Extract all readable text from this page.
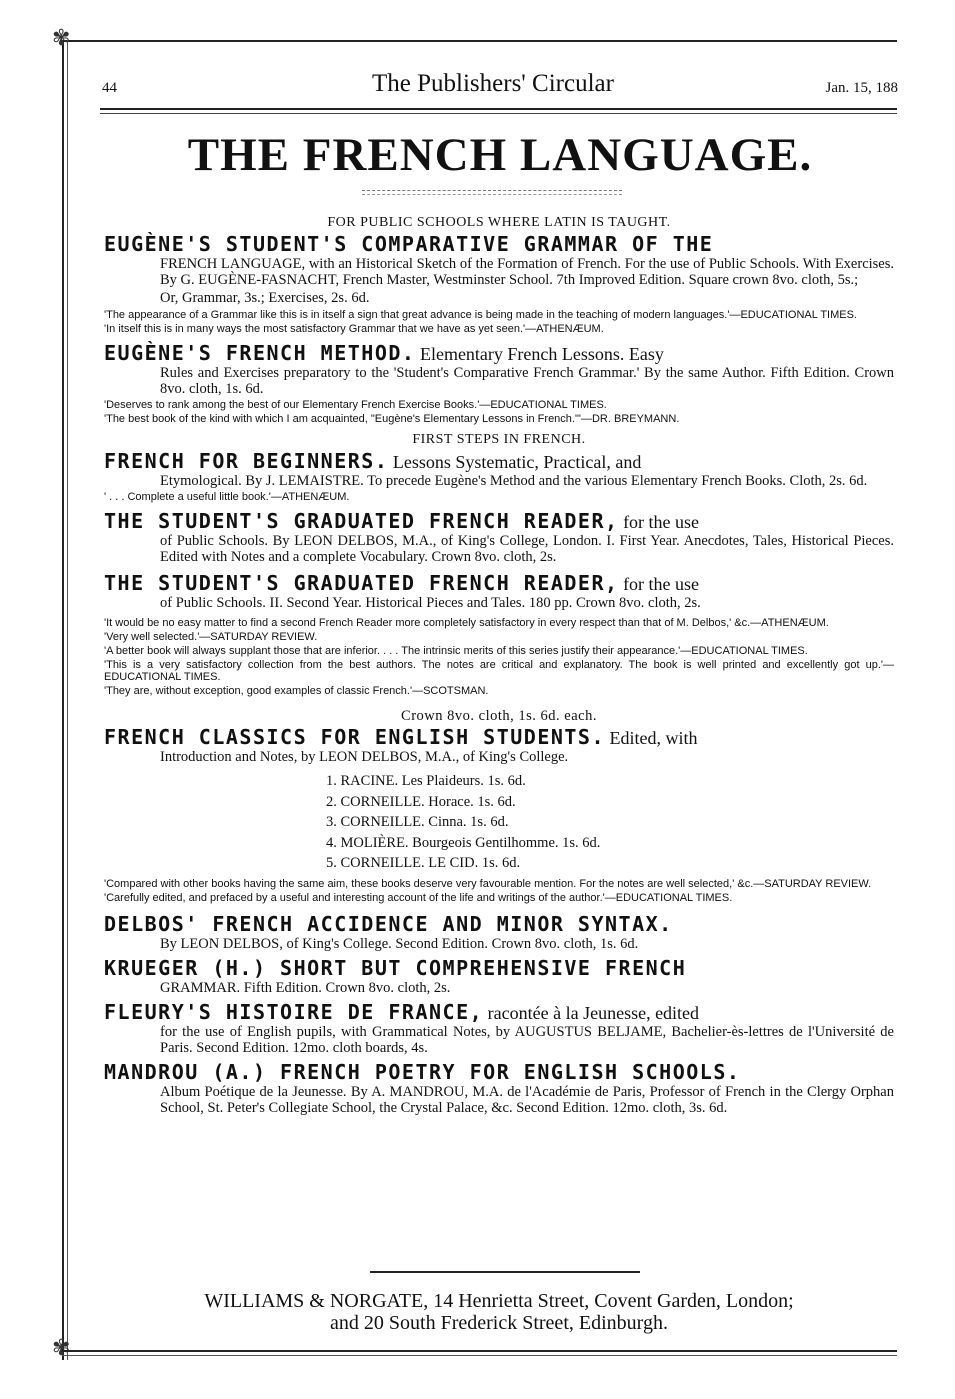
✾
✾
44	The Publishers' Circular	Jan. 15, 188
THE FRENCH LANGUAGE.

FOR PUBLIC SCHOOLS WHERE LATIN IS TAUGHT.

EUGÈNE'S STUDENT'S COMPARATIVE GRAMMAR OF THE

FRENCH LANGUAGE, with an Historical Sketch of the Formation of French. For the use of Public Schools. With Exercises. By G. EUGÈNE-FASNACHT, French Master, Westminster School. 7th Improved Edition. Square crown 8vo. cloth, 5s.;

Or, Grammar, 3s.; Exercises, 2s. 6d.

'The appearance of a Grammar like this is in itself a sign that great advance is being made in the teaching of modern languages.'—EDUCATIONAL TIMES.

'In itself this is in many ways the most satisfactory Grammar that we have as yet seen.'—ATHENÆUM.

EUGÈNE'S FRENCH METHOD. Elementary French Lessons. Easy

Rules and Exercises preparatory to the 'Student's Comparative French Grammar.' By the same Author. Fifth Edition. Crown 8vo. cloth, 1s. 6d.

'Deserves to rank among the best of our Elementary French Exercise Books.'—EDUCATIONAL TIMES.

'The best book of the kind with which I am acquainted, "Eugène's Elementary Lessons in French."'—DR. BREYMANN.

FIRST STEPS IN FRENCH.

FRENCH FOR BEGINNERS. Lessons Systematic, Practical, and

Etymological. By J. LEMAISTRE. To precede Eugène's Method and the various Elementary French Books. Cloth, 2s. 6d.

' . . . Complete a useful little book.'—ATHENÆUM.

THE STUDENT'S GRADUATED FRENCH READER, for the use

of Public Schools. By LEON DELBOS, M.A., of King's College, London. I. First Year. Anecdotes, Tales, Historical Pieces. Edited with Notes and a complete Vocabulary. Crown 8vo. cloth, 2s.

THE STUDENT'S GRADUATED FRENCH READER, for the use

of Public Schools. II. Second Year. Historical Pieces and Tales. 180 pp. Crown 8vo. cloth, 2s.

'It would be no easy matter to find a second French Reader more completely satisfactory in every respect than that of M. Delbos,' &c.—ATHENÆUM.

'Very well selected.'—SATURDAY REVIEW.

'A better book will always supplant those that are inferior. . . . The intrinsic merits of this series justify their appearance.'—EDUCATIONAL TIMES.

'This is a very satisfactory collection from the best authors. The notes are critical and explanatory. The book is well printed and excellently got up.'—EDUCATIONAL TIMES.

'They are, without exception, good examples of classic French.'—SCOTSMAN.

Crown 8vo. cloth, 1s. 6d. each.

FRENCH CLASSICS FOR ENGLISH STUDENTS. Edited, with

Introduction and Notes, by LEON DELBOS, M.A., of King's College.

1. RACINE. Les Plaideurs. 1s. 6d.
2. CORNEILLE. Horace. 1s. 6d.
3. CORNEILLE. Cinna. 1s. 6d.
4. MOLIÈRE. Bourgeois Gentilhomme. 1s. 6d.
5. CORNEILLE. LE CID. 1s. 6d.

'Compared with other books having the same aim, these books deserve very favourable mention. For the notes are well selected,' &c.—SATURDAY REVIEW.

'Carefully edited, and prefaced by a useful and interesting account of the life and writings of the author.'—EDUCATIONAL TIMES.

DELBOS' FRENCH ACCIDENCE AND MINOR SYNTAX.

By LEON DELBOS, of King's College. Second Edition. Crown 8vo. cloth, 1s. 6d.

KRUEGER (H.) SHORT BUT COMPREHENSIVE FRENCH

GRAMMAR. Fifth Edition. Crown 8vo. cloth, 2s.

FLEURY'S HISTOIRE DE FRANCE, racontée à la Jeunesse, edited

for the use of English pupils, with Grammatical Notes, by AUGUSTUS BELJAME, Bachelier-ès-lettres de l'Université de Paris. Second Edition. 12mo. cloth boards, 4s.

MANDROU (A.) FRENCH POETRY FOR ENGLISH SCHOOLS.

Album Poétique de la Jeunesse. By A. MANDROU, M.A. de l'Académie de Paris, Professor of French in the Clergy Orphan School, St. Peter's Collegiate School, the Crystal Palace, &c. Second Edition. 12mo. cloth, 3s. 6d.

WILLIAMS & NORGATE, 14 Henrietta Street, Covent Garden, London;
and 20 South Frederick Street, Edinburgh.
